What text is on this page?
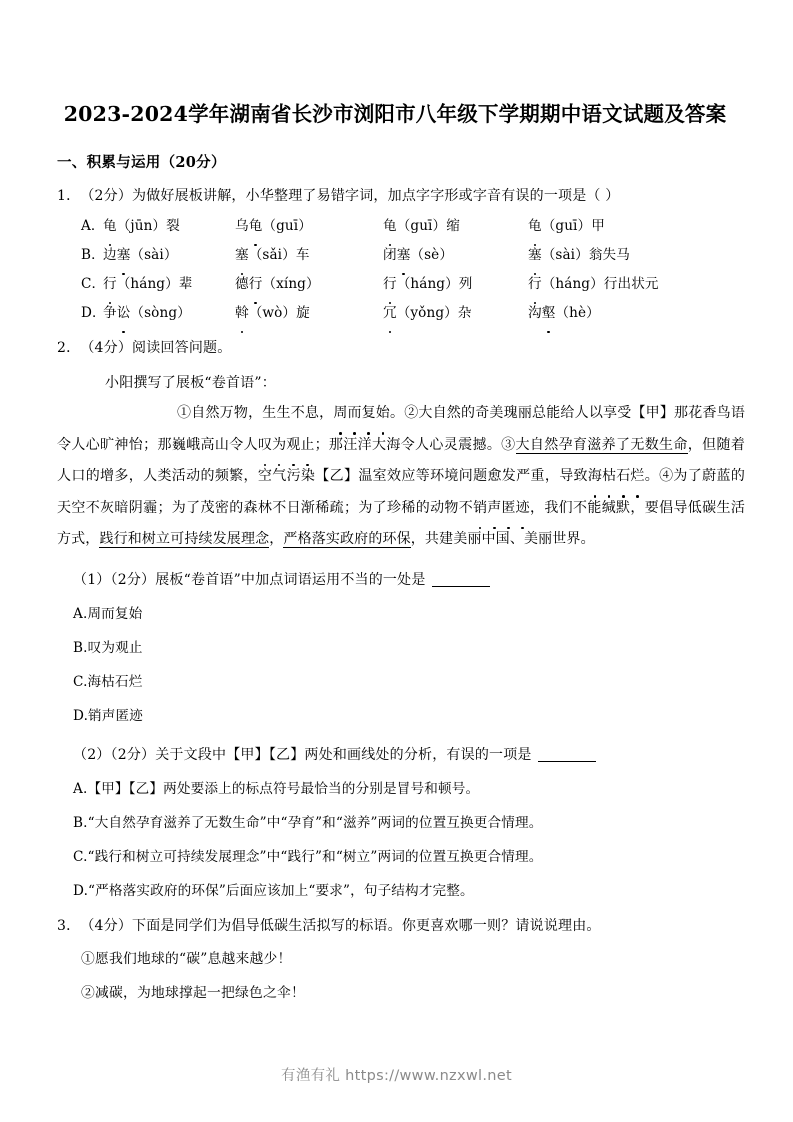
2023-2024学年湖南省长沙市浏阳市八年级下学期期中语文试题及答案
一、积累与运用（20分）
1．（2分）为做好展板讲解，小华整理了易错字词，加点字字形或字音有误的一项是（ ）
A．龟（jūn）裂	乌龟（guī）	龟（guī）缩	龟（guī）甲
B．边塞（sài）	塞（sǎi）车	闭塞（sè）	塞（sài）翁失马
C．行（háng）辈	德行（xíng）	行（háng）列	行（háng）行出状元
D．争讼（sòng）	斡（wò）旋	冗（yǒng）杂	沟壑（hè）
2．（4分）阅读回答问题。
小阳撰写了展板“卷首语”：
①自然万物，生生不息，周而复始。②大自然的奇美瑰丽总能给人以享受【甲】那花香鸟语令人心旷神怡；那巍峨高山令人叹为观止；那汪洋大海令人心灵震撼。③大自然孕育滋养了无数生命，但随着人口的增多，人类活动的频繁，空气污染【乙】温室效应等环境问题愈发严重，导致海枯石烂。④为了蔚蓝的天空不灰暗阴霾；为了茂密的森林不日渐稀疏；为了珍稀的动物不销声匿迹，我们不能缄默，要倡导低碳生活方式，践行和树立可持续发展理念，严格落实政府的环保，共建美丽中国、美丽世界。
（1）（2分）展板“卷首语”中加点词语运用不当的一处是
A.周而复始
B.叹为观止
C.海枯石烂
D.销声匿迹
（2）（2分）关于文段中【甲】【乙】两处和画线处的分析，有误的一项是
A.【甲】【乙】两处要添上的标点符号最恰当的分别是冒号和顿号。
B.“大自然孕育滋养了无数生命”中“孕育”和“滋养”两词的位置互换更合情理。
C.“践行和树立可持续发展理念”中“践行”和“树立”两词的位置互换更合情理。
D.“严格落实政府的环保”后面应该加上“要求”，句子结构才完整。
3．（4分）下面是同学们为倡导低碳生活拟写的标语。你更喜欢哪一则？请说说理由。
①愿我们地球的“碳”息越来越少！
②减碳，为地球撑起一把绿色之伞！
有渔有礼 https://www.nzxwl.net
